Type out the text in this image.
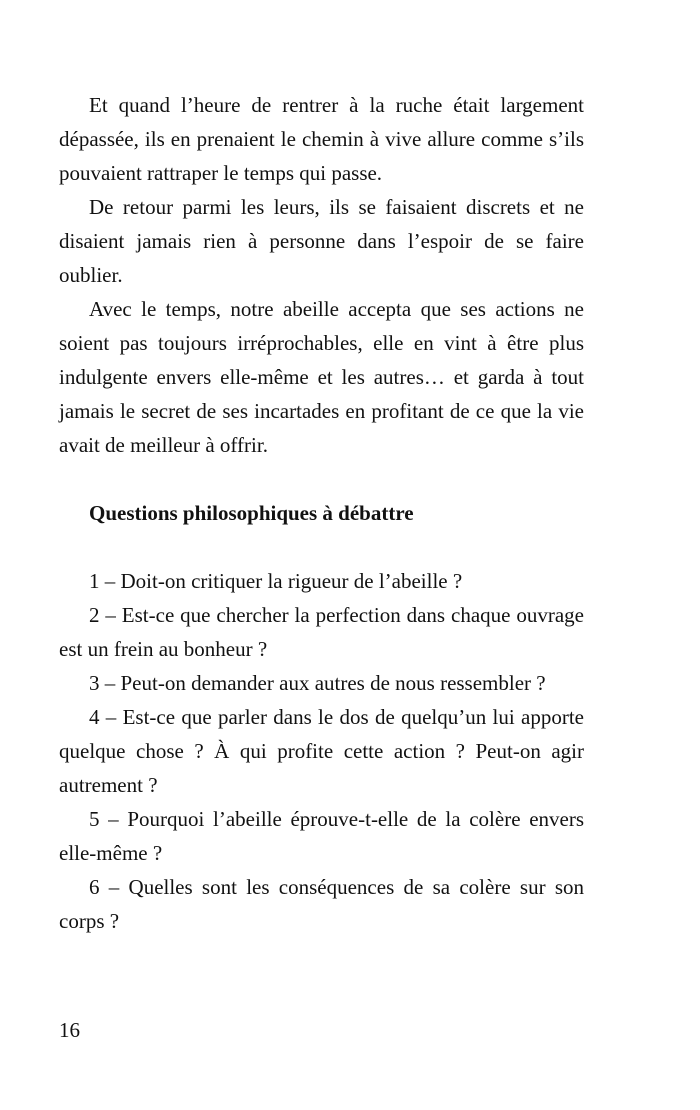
Et quand l’heure de rentrer à la ruche était largement dépassée, ils en prenaient le chemin à vive allure comme s’ils pouvaient rattraper le temps qui passe.

De retour parmi les leurs, ils se faisaient discrets et ne disaient jamais rien à personne dans l’espoir de se faire oublier.

Avec le temps, notre abeille accepta que ses actions ne soient pas toujours irréprochables, elle en vint à être plus indulgente envers elle-même et les autres… et garda à tout jamais le secret de ses incartades en profitant de ce que la vie avait de meilleur à offrir.

Questions philosophiques à débattre

1 – Doit-on critiquer la rigueur de l’abeille ?

2 – Est-ce que chercher la perfection dans chaque ouvrage est un frein au bonheur ?

3 – Peut-on demander aux autres de nous ressembler ?

4 – Est-ce que parler dans le dos de quelqu’un lui apporte quelque chose ? À qui profite cette action ? Peut-on agir autrement ?

5 – Pourquoi l’abeille éprouve-t-elle de la colère envers elle-même ?

6 – Quelles sont les conséquences de sa colère sur son corps ?

16
